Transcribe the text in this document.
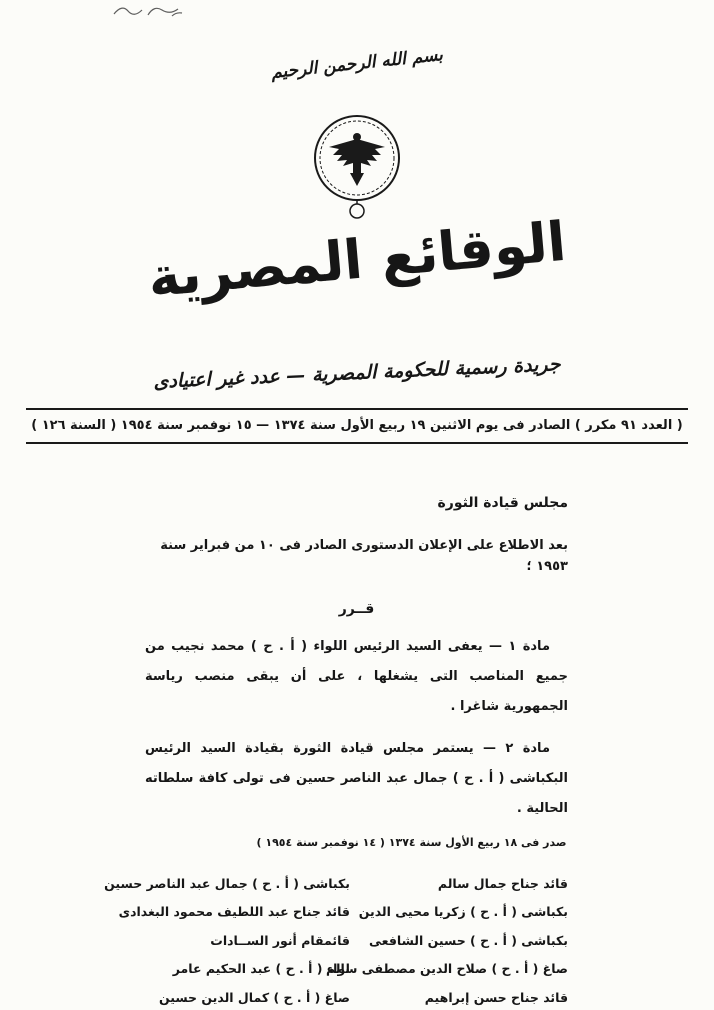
بسم الله الرحمن الرحيم
الوقائع المصرية
جريدة رسمية للحكومة المصرية — عدد غير اعتيادى
( العدد ٩١ مكرر ) الصادر فى يوم الاثنين ١٩ ربيع الأول سنة ١٣٧٤ — ١٥ نوفمبر سنة ١٩٥٤ ( السنة ١٢٦ )
مجلس قيادة الثورة

بعد الاطلاع على الإعلان الدستورى الصادر فى ١٠ من فبراير سنة ١٩٥٣ ؛

قــرر

مادة ١ — يعفى السيد الرئيس اللواء ( أ . ح ) محمد نجيب من جميع المناصب التى يشغلها ، على أن يبقى منصب رياسة الجمهورية شاغرا .

مادة ٢ — يستمر مجلس قيادة الثورة بقيادة السيد الرئيس البكباشى ( أ . ح ) جمال عبد الناصر حسين فى تولى كافة سلطاته الحالية .

صدر فى ١٨ ربيع الأول سنة ١٣٧٤ ( ١٤ نوفمبر سنة ١٩٥٤ )
قائد جناح جمال سالم
بكباشى ( أ . ح ) زكريا محيى الدين
بكباشى ( أ . ح ) حسين الشافعى
صاغ ( أ . ح ) صلاح الدين مصطفى سالم
قائد جناح حسن إبراهيم
بكباشى ( أ . ح ) جمال عبد الناصر حسين
قائد جناح عبد اللطيف محمود البغدادى
قائمقام أنور الســادات
لواء ( أ . ح ) عبد الحكيم عامر
صاغ ( أ . ح ) كمال الدين حسين
